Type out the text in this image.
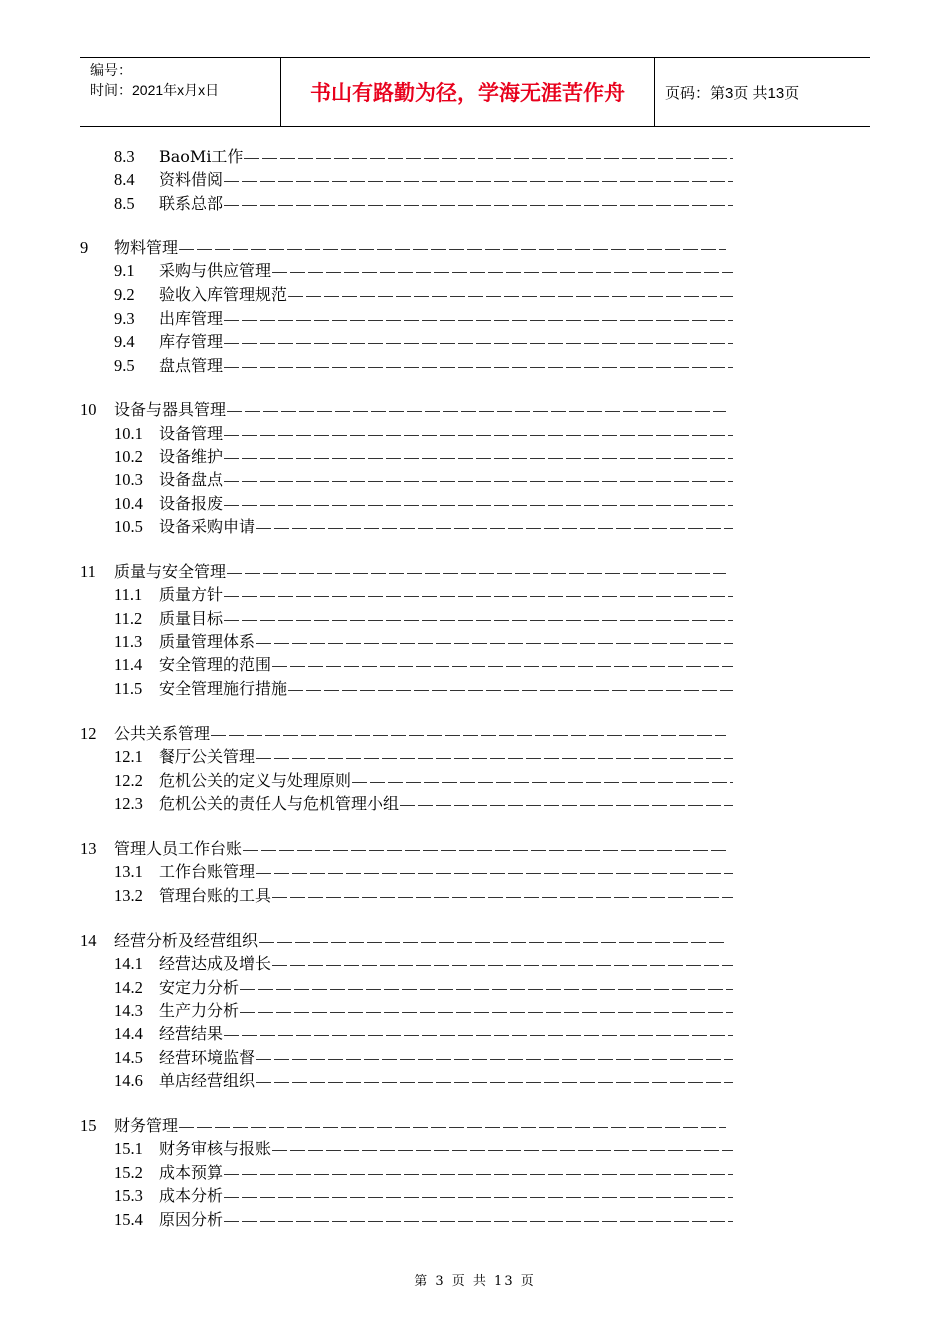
编号：
时间：2021年x月x日	书山有路勤为径，学海无涯苦作舟	页码：第3页 共13页
8.3 BaoMi工作
8.4 资料借阅
8.5 联系总部
9 物料管理
9.1 采购与供应管理
9.2 验收入库管理规范
9.3 出库管理
9.4 库存管理
9.5 盘点管理
10 设备与器具管理
10.1 设备管理
10.2 设备维护
10.3 设备盘点
10.4 设备报废
10.5 设备采购申请
11 质量与安全管理
11.1 质量方针
11.2 质量目标
11.3 质量管理体系
11.4 安全管理的范围
11.5 安全管理施行措施
12 公共关系管理
12.1 餐厅公关管理
12.2 危机公关的定义与处理原则
12.3 危机公关的责任人与危机管理小组
13 管理人员工作台账
13.1 工作台账管理
13.2 管理台账的工具
14 经营分析及经营组织
14.1 经营达成及增长
14.2 安定力分析
14.3 生产力分析
14.4 经营结果
14.5 经营环境监督
14.6 单店经营组织
15 财务管理
15.1 财务审核与报账
15.2 成本预算
15.3 成本分析
15.4 原因分析
第 3 页 共 13 页
